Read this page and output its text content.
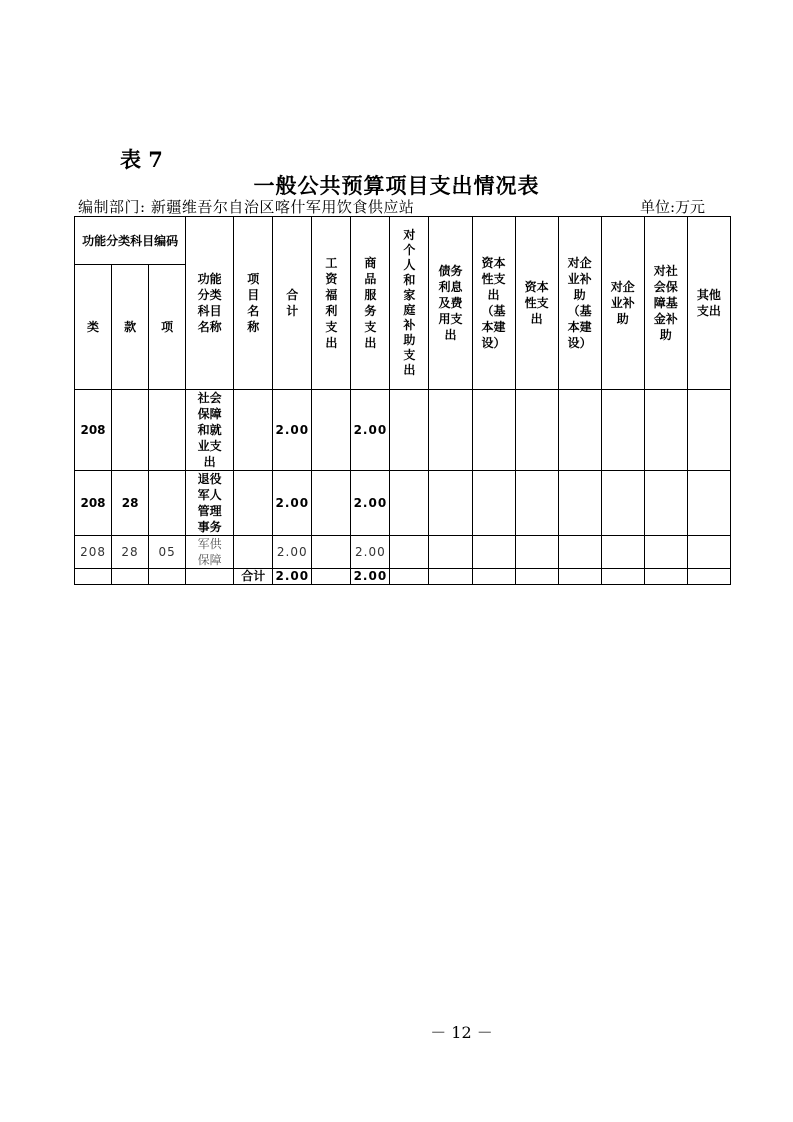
表 7
一般公共预算项目支出情况表
编制部门: 新疆维吾尔自治区喀什军用饮食供应站	单位:万元
功能分类科目编码			功能分类科目名称	项目名称	合计	工资福利支出	商品服务支出	对个人和家庭补助支出	债务利息及费用支出	资本性支出（基本建设）	资本性支出	对企业补助（基本建设）	对企业补助	对社会保障基金补助	其他支出
类	款	项													
208			社会保障和就业支出		2.00		2.00								
208	28		退役军人管理事务		2.00		2.00								
208	28	05	军供保障		2.00		2.00								
				合计	2.00		2.00								
－ 12 －
